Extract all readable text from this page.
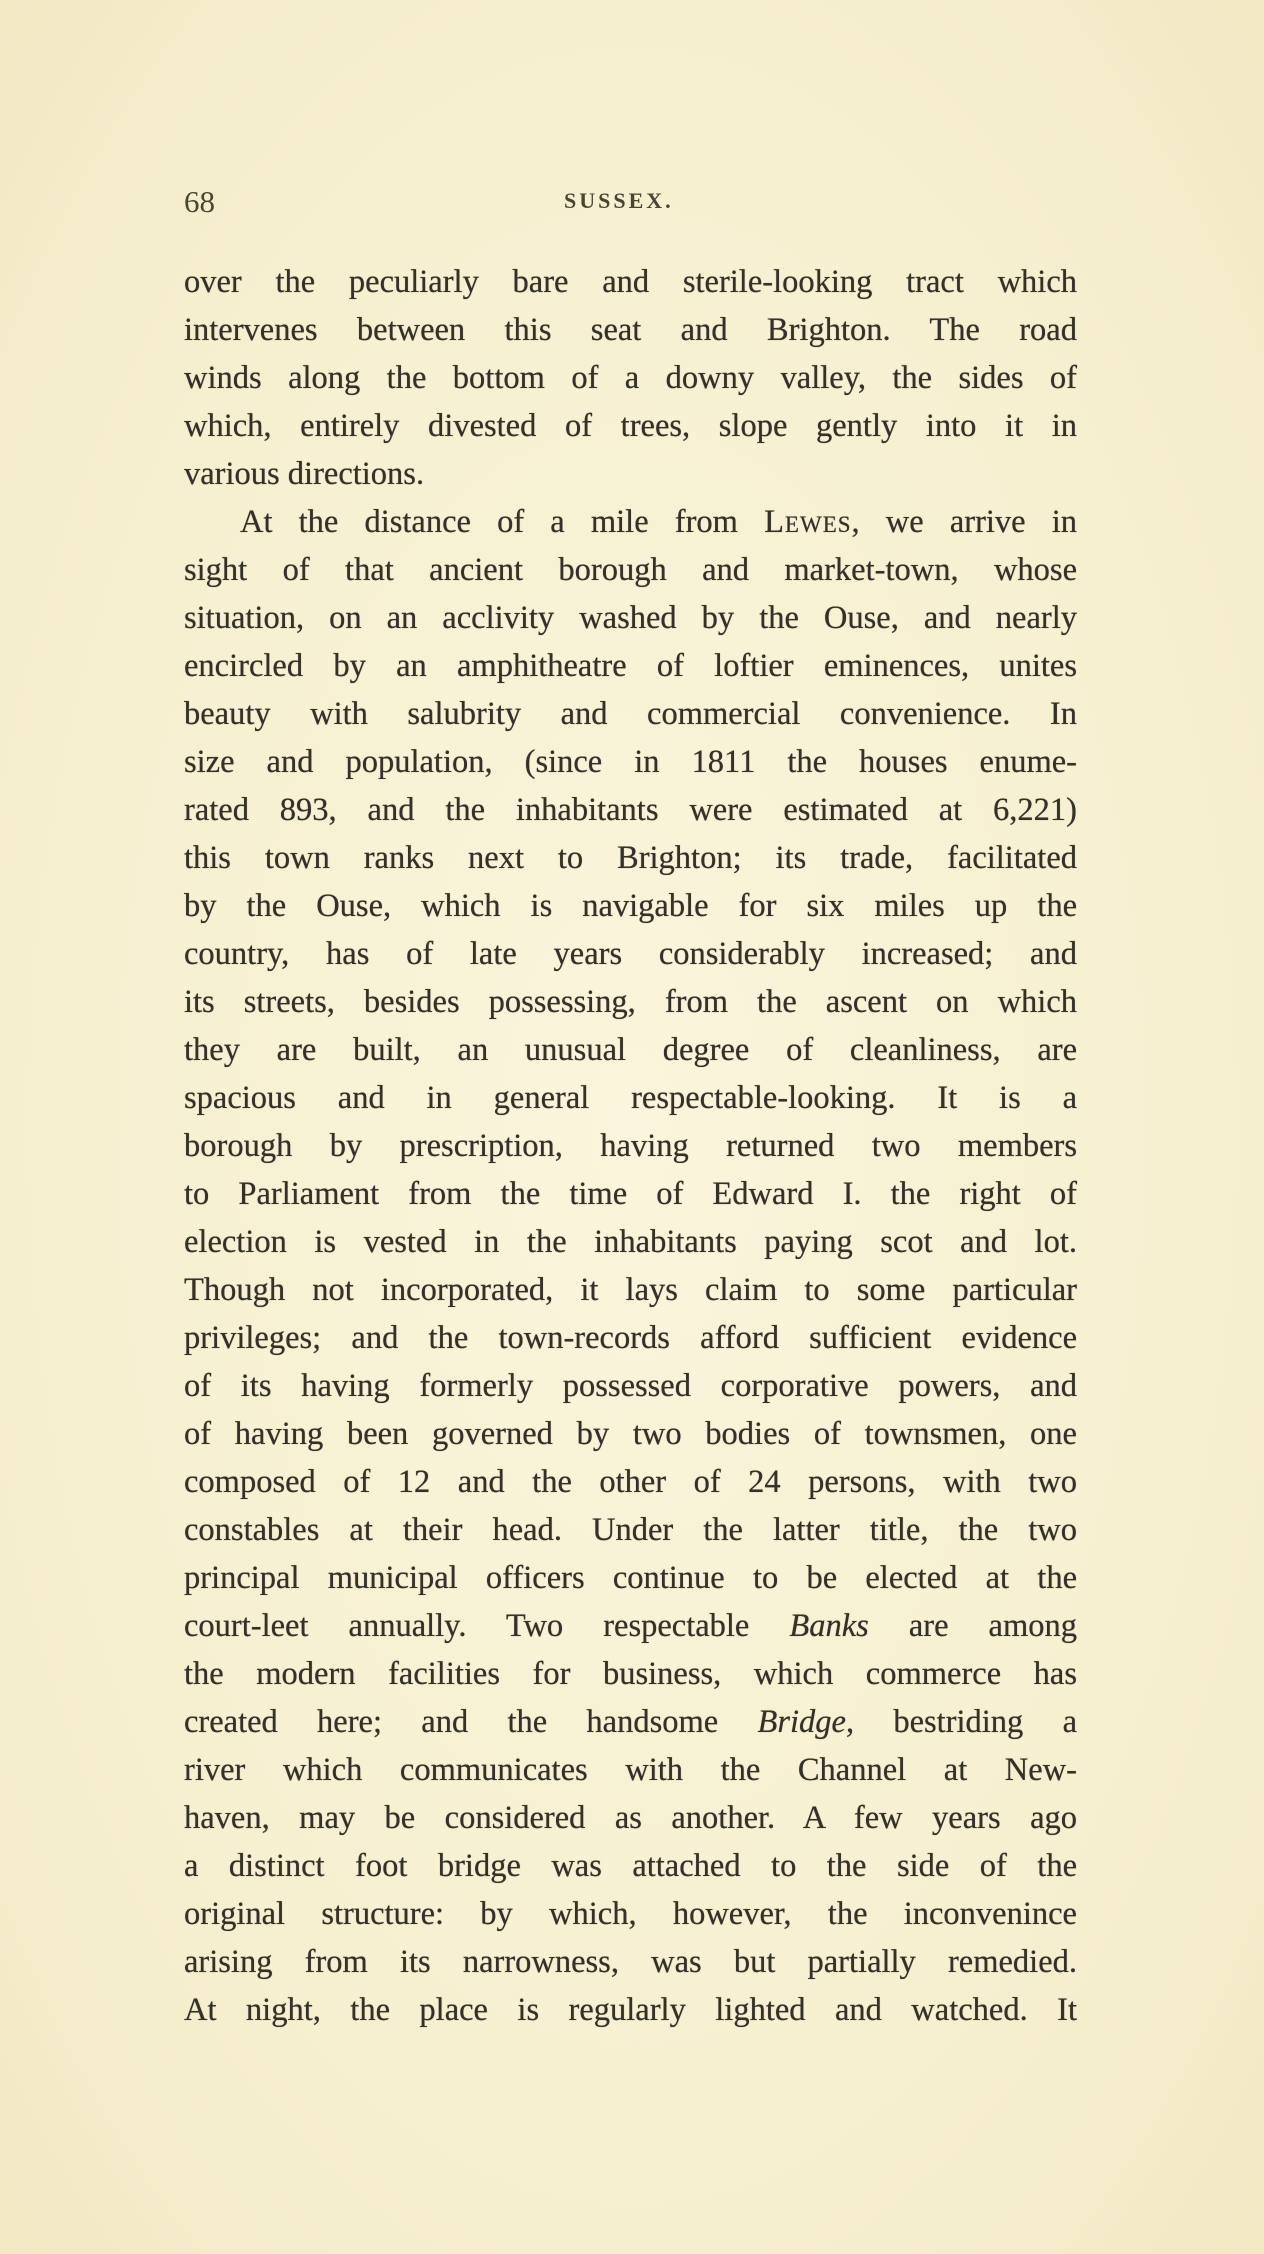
68	SUSSEX.
over the peculiarly bare and sterile-looking tract which
intervenes between this seat and Brighton. The road
winds along the bottom of a downy valley, the sides of
which, entirely divested of trees, slope gently into it in
various directions.
At the distance of a mile from Lewes, we arrive in
sight of that ancient borough and market-town, whose
situation, on an acclivity washed by the Ouse, and nearly
encircled by an amphitheatre of loftier eminences, unites
beauty with salubrity and commercial convenience. In
size and population, (since in 1811 the houses enume-
rated 893, and the inhabitants were estimated at 6,221)
this town ranks next to Brighton; its trade, facilitated
by the Ouse, which is navigable for six miles up the
country, has of late years considerably increased; and
its streets, besides possessing, from the ascent on which
they are built, an unusual degree of cleanliness, are
spacious and in general respectable-looking. It is a
borough by prescription, having returned two members
to Parliament from the time of Edward I. the right of
election is vested in the inhabitants paying scot and lot.
Though not incorporated, it lays claim to some particular
privileges; and the town-records afford sufficient evidence
of its having formerly possessed corporative powers, and
of having been governed by two bodies of townsmen, one
composed of 12 and the other of 24 persons, with two
constables at their head. Under the latter title, the two
principal municipal officers continue to be elected at the
court-leet annually. Two respectable Banks are among
the modern facilities for business, which commerce has
created here; and the handsome Bridge, bestriding a
river which communicates with the Channel at New-
haven, may be considered as another. A few years ago
a distinct foot bridge was attached to the side of the
original structure: by which, however, the inconvenince
arising from its narrowness, was but partially remedied.
At night, the place is regularly lighted and watched. It
